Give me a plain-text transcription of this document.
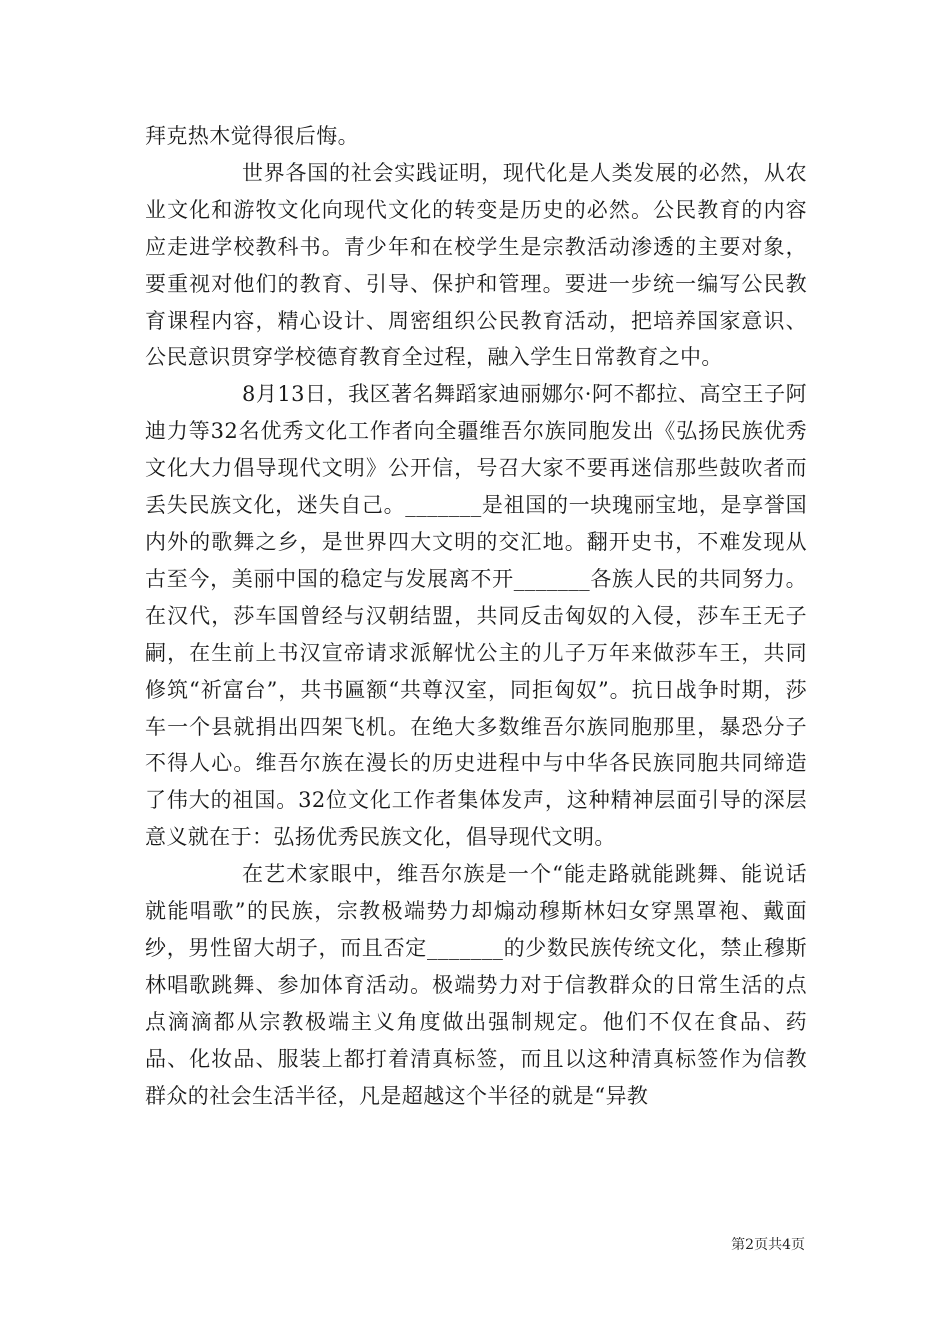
拜克热木觉得很后悔。

世界各国的社会实践证明，现代化是人类发展的必然，从农业文化和游牧文化向现代文化的转变是历史的必然。公民教育的内容应走进学校教科书。青少年和在校学生是宗教活动渗透的主要对象，要重视对他们的教育、引导、保护和管理。要进一步统一编写公民教育课程内容，精心设计、周密组织公民教育活动，把培养国家意识、公民意识贯穿学校德育教育全过程，融入学生日常教育之中。

8月13日，我区著名舞蹈家迪丽娜尔·阿不都拉、高空王子阿迪力等32名优秀文化工作者向全疆维吾尔族同胞发出《弘扬民族优秀文化大力倡导现代文明》公开信，号召大家不要再迷信那些鼓吹者而丢失民族文化，迷失自己。_______是祖国的一块瑰丽宝地，是享誉国内外的歌舞之乡，是世界四大文明的交汇地。翻开史书，不难发现从古至今，美丽中国的稳定与发展离不开_______各族人民的共同努力。在汉代，莎车国曾经与汉朝结盟，共同反击匈奴的入侵，莎车王无子嗣，在生前上书汉宣帝请求派解忧公主的儿子万年来做莎车王，共同修筑“祈富台”，共书匾额“共尊汉室，同拒匈奴”。抗日战争时期，莎车一个县就捐出四架飞机。在绝大多数维吾尔族同胞那里，暴恐分子不得人心。维吾尔族在漫长的历史进程中与中华各民族同胞共同缔造了伟大的祖国。32位文化工作者集体发声，这种精神层面引导的深层意义就在于：弘扬优秀民族文化，倡导现代文明。

在艺术家眼中，维吾尔族是一个“能走路就能跳舞、能说话就能唱歌”的民族，宗教极端势力却煽动穆斯林妇女穿黑罩袍、戴面纱，男性留大胡子，而且否定_______的少数民族传统文化，禁止穆斯林唱歌跳舞、参加体育活动。极端势力对于信教群众的日常生活的点点滴滴都从宗教极端主义角度做出强制规定。他们不仅在食品、药品、化妆品、服装上都打着清真标签，而且以这种清真标签作为信教群众的社会生活半径，凡是超越这个半径的就是“异教

第2页共4页
